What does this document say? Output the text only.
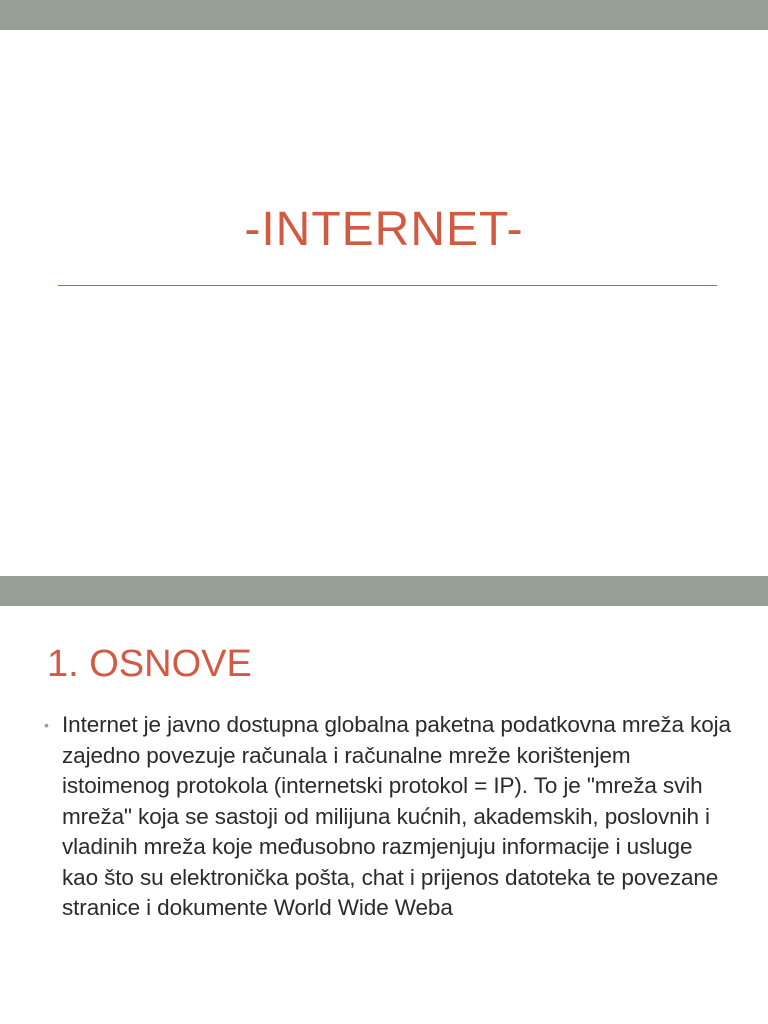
-INTERNET-
1. OSNOVE
• Internet je javno dostupna globalna paketna podatkovna mreža koja zajedno povezuje računala i računalne mreže korištenjem istoimenog protokola (internetski protokol = IP). To je "mreža svih mreža" koja se sastoji od milijuna kućnih, akademskih, poslovnih i vladinih mreža koje međusobno razmjenjuju informacije i usluge kao što su elektronička pošta, chat i prijenos datoteka te povezane stranice i dokumente World Wide Weba
